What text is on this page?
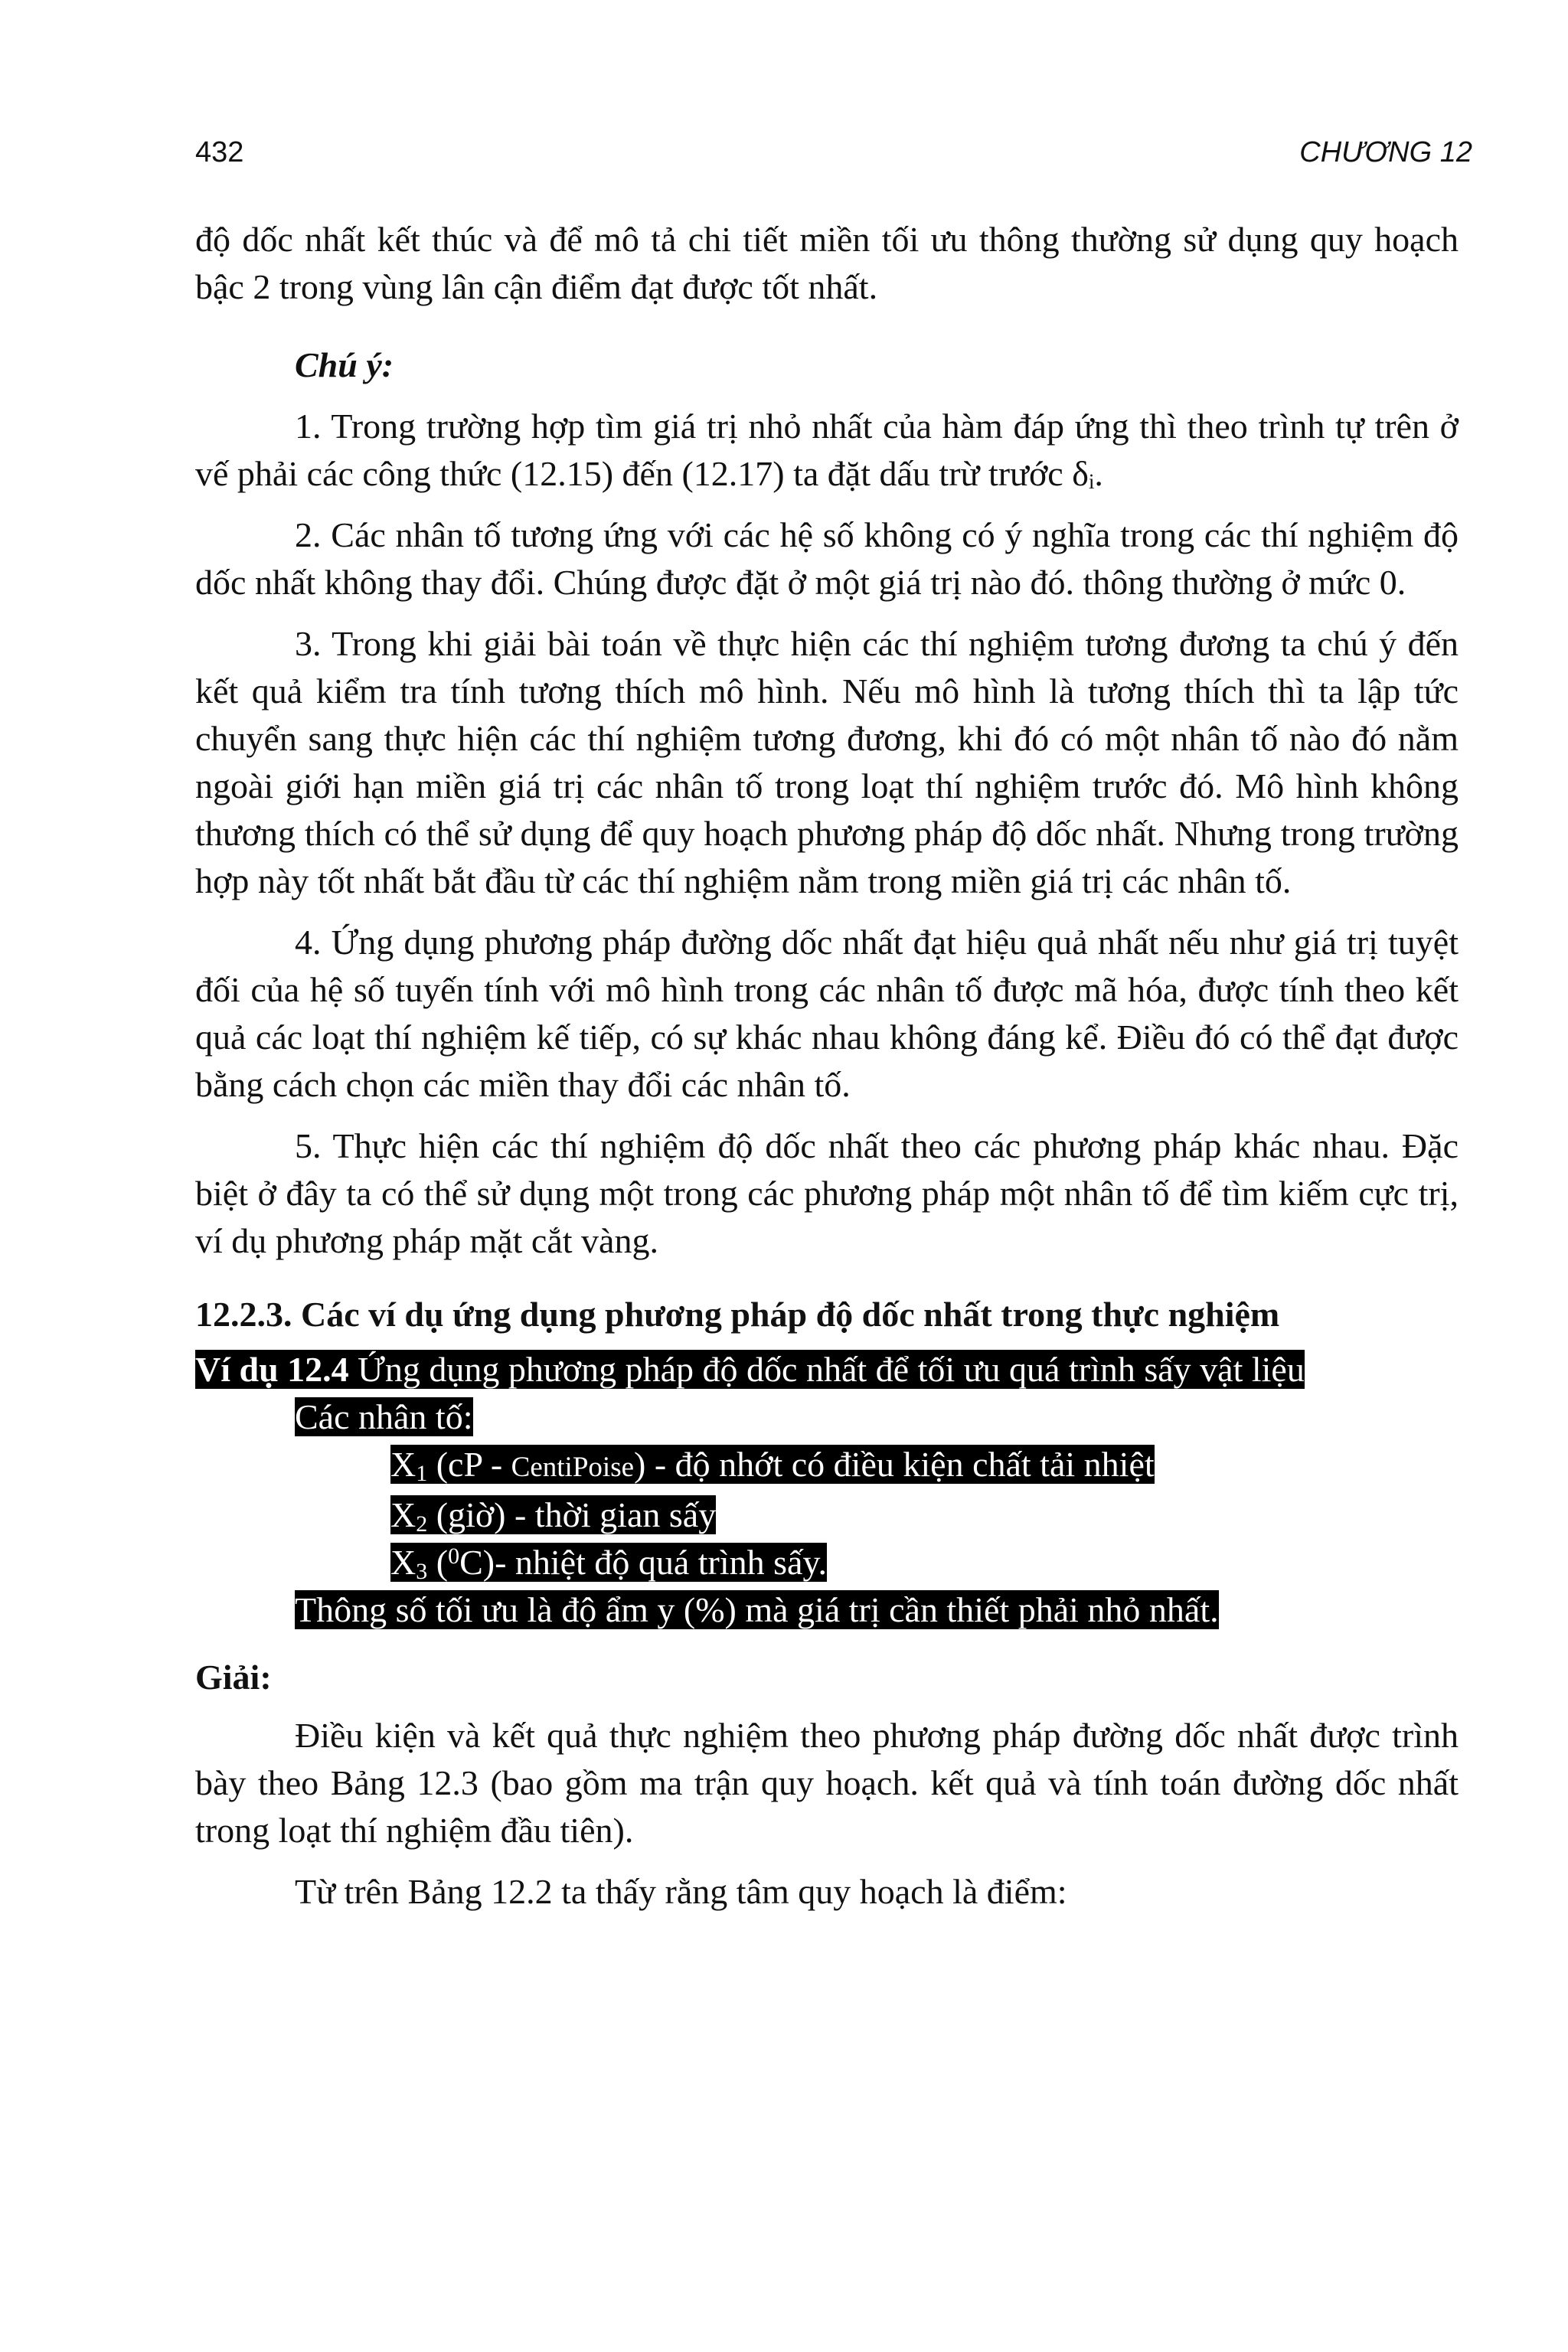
432	CHƯƠNG 12

độ dốc nhất kết thúc và để mô tả chi tiết miền tối ưu thông thường sử dụng quy hoạch bậc 2 trong vùng lân cận điểm đạt được tốt nhất.

Chú ý:

1. Trong trường hợp tìm giá trị nhỏ nhất của hàm đáp ứng thì theo trình tự trên ở vế phải các công thức (12.15) đến (12.17) ta đặt dấu trừ trước δᵢ.

2. Các nhân tố tương ứng với các hệ số không có ý nghĩa trong các thí nghiệm độ dốc nhất không thay đổi. Chúng được đặt ở một giá trị nào đó. thông thường ở mức 0.

3. Trong khi giải bài toán về thực hiện các thí nghiệm tương đương ta chú ý đến kết quả kiểm tra tính tương thích mô hình. Nếu mô hình là tương thích thì ta lập tức chuyển sang thực hiện các thí nghiệm tương đương, khi đó có một nhân tố nào đó nằm ngoài giới hạn miền giá trị các nhân tố trong loạt thí nghiệm trước đó. Mô hình không thương thích có thể sử dụng để quy hoạch phương pháp độ dốc nhất. Nhưng trong trường hợp này tốt nhất bắt đầu từ các thí nghiệm nằm trong miền giá trị các nhân tố.

4. Ứng dụng phương pháp đường dốc nhất đạt hiệu quả nhất nếu như giá trị tuyệt đối của hệ số tuyến tính với mô hình trong các nhân tố được mã hóa, được tính theo kết quả các loạt thí nghiệm kế tiếp, có sự khác nhau không đáng kể. Điều đó có thể đạt được bằng cách chọn các miền thay đổi các nhân tố.

5. Thực hiện các thí nghiệm độ dốc nhất theo các phương pháp khác nhau. Đặc biệt ở đây ta có thể sử dụng một trong các phương pháp một nhân tố để tìm kiếm cực trị, ví dụ phương pháp mặt cắt vàng.

12.2.3. Các ví dụ ứng dụng phương pháp độ dốc nhất trong thực nghiệm
Ví dụ 12.4 Ứng dụng phương pháp độ dốc nhất để tối ưu quá trình sấy vật liệu
Các nhân tố:
$X_1$ (cP - CentiPoise) - độ nhớt có điều kiện chất tải nhiệt
$X_2$ (giờ) - thời gian sấy
$X_3$ ($^0$C)- nhiệt độ quá trình sấy.
Thông số tối ưu là độ ẩm y (%) mà giá trị cần thiết phải nhỏ nhất.
Giải:

Điều kiện và kết quả thực nghiệm theo phương pháp đường dốc nhất được trình bày theo Bảng 12.3 (bao gồm ma trận quy hoạch. kết quả và tính toán đường dốc nhất trong loạt thí nghiệm đầu tiên).

Từ trên Bảng 12.2 ta thấy rằng tâm quy hoạch là điểm:
